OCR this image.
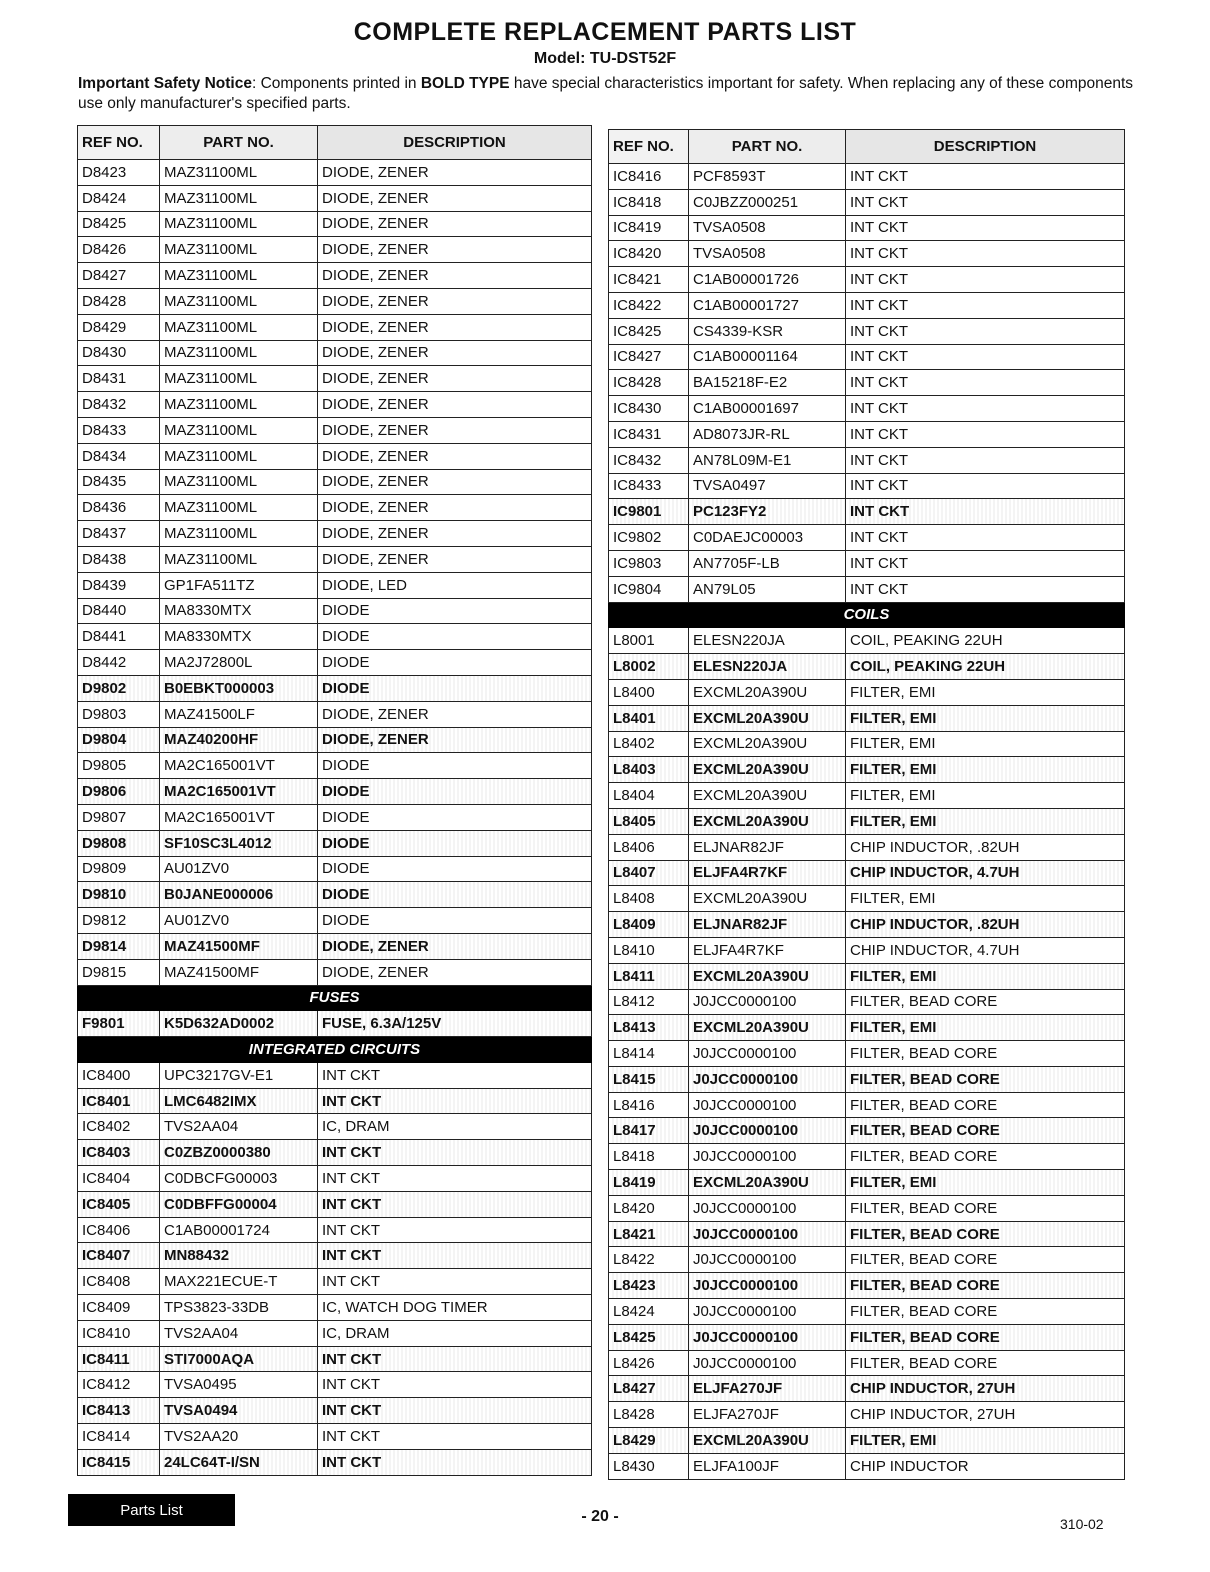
COMPLETE REPLACEMENT PARTS LIST
Model: TU-DST52F
Important Safety Notice: Components printed in BOLD TYPE have special characteristics important for safety. When replacing any of these components use only manufacturer's specified parts.
REF NO.	PART NO.	DESCRIPTION
D8423	MAZ31100ML	DIODE, ZENER
D8424	MAZ31100ML	DIODE, ZENER
D8425	MAZ31100ML	DIODE, ZENER
D8426	MAZ31100ML	DIODE, ZENER
D8427	MAZ31100ML	DIODE, ZENER
D8428	MAZ31100ML	DIODE, ZENER
D8429	MAZ31100ML	DIODE, ZENER
D8430	MAZ31100ML	DIODE, ZENER
D8431	MAZ31100ML	DIODE, ZENER
D8432	MAZ31100ML	DIODE, ZENER
D8433	MAZ31100ML	DIODE, ZENER
D8434	MAZ31100ML	DIODE, ZENER
D8435	MAZ31100ML	DIODE, ZENER
D8436	MAZ31100ML	DIODE, ZENER
D8437	MAZ31100ML	DIODE, ZENER
D8438	MAZ31100ML	DIODE, ZENER
D8439	GP1FA511TZ	DIODE, LED
D8440	MA8330MTX	DIODE
D8441	MA8330MTX	DIODE
D8442	MA2J72800L	DIODE
D9802	B0EBKT000003	DIODE
D9803	MAZ41500LF	DIODE, ZENER
D9804	MAZ40200HF	DIODE, ZENER
D9805	MA2C165001VT	DIODE
D9806	MA2C165001VT	DIODE
D9807	MA2C165001VT	DIODE
D9808	SF10SC3L4012	DIODE
D9809	AU01ZV0	DIODE
D9810	B0JANE000006	DIODE
D9812	AU01ZV0	DIODE
D9814	MAZ41500MF	DIODE, ZENER
D9815	MAZ41500MF	DIODE, ZENER
FUSES		
F9801	K5D632AD0002	FUSE, 6.3A/125V
INTEGRATED CIRCUITS		
IC8400	UPC3217GV-E1	INT CKT
IC8401	LMC6482IMX	INT CKT
IC8402	TVS2AA04	IC, DRAM
IC8403	C0ZBZ0000380	INT CKT
IC8404	C0DBCFG00003	INT CKT
IC8405	C0DBFFG00004	INT CKT
IC8406	C1AB00001724	INT CKT
IC8407	MN88432	INT CKT
IC8408	MAX221ECUE-T	INT CKT
IC8409	TPS3823-33DB	IC, WATCH DOG TIMER
IC8410	TVS2AA04	IC, DRAM
IC8411	STI7000AQA	INT CKT
IC8412	TVSA0495	INT CKT
IC8413	TVSA0494	INT CKT
IC8414	TVS2AA20	INT CKT
IC8415	24LC64T-I/SN	INT CKT
REF NO.	PART NO.	DESCRIPTION
IC8416	PCF8593T	INT CKT
IC8418	C0JBZZ000251	INT CKT
IC8419	TVSA0508	INT CKT
IC8420	TVSA0508	INT CKT
IC8421	C1AB00001726	INT CKT
IC8422	C1AB00001727	INT CKT
IC8425	CS4339-KSR	INT CKT
IC8427	C1AB00001164	INT CKT
IC8428	BA15218F-E2	INT CKT
IC8430	C1AB00001697	INT CKT
IC8431	AD8073JR-RL	INT CKT
IC8432	AN78L09M-E1	INT CKT
IC8433	TVSA0497	INT CKT
IC9801	PC123FY2	INT CKT
IC9802	C0DAEJC00003	INT CKT
IC9803	AN7705F-LB	INT CKT
IC9804	AN79L05	INT CKT
COILS		
L8001	ELESN220JA	COIL, PEAKING 22UH
L8002	ELESN220JA	COIL, PEAKING 22UH
L8400	EXCML20A390U	FILTER, EMI
L8401	EXCML20A390U	FILTER, EMI
L8402	EXCML20A390U	FILTER, EMI
L8403	EXCML20A390U	FILTER, EMI
L8404	EXCML20A390U	FILTER, EMI
L8405	EXCML20A390U	FILTER, EMI
L8406	ELJNAR82JF	CHIP INDUCTOR, .82UH
L8407	ELJFA4R7KF	CHIP INDUCTOR, 4.7UH
L8408	EXCML20A390U	FILTER, EMI
L8409	ELJNAR82JF	CHIP INDUCTOR, .82UH
L8410	ELJFA4R7KF	CHIP INDUCTOR, 4.7UH
L8411	EXCML20A390U	FILTER, EMI
L8412	J0JCC0000100	FILTER, BEAD CORE
L8413	EXCML20A390U	FILTER, EMI
L8414	J0JCC0000100	FILTER, BEAD CORE
L8415	J0JCC0000100	FILTER, BEAD CORE
L8416	J0JCC0000100	FILTER, BEAD CORE
L8417	J0JCC0000100	FILTER, BEAD CORE
L8418	J0JCC0000100	FILTER, BEAD CORE
L8419	EXCML20A390U	FILTER, EMI
L8420	J0JCC0000100	FILTER, BEAD CORE
L8421	J0JCC0000100	FILTER, BEAD CORE
L8422	J0JCC0000100	FILTER, BEAD CORE
L8423	J0JCC0000100	FILTER, BEAD CORE
L8424	J0JCC0000100	FILTER, BEAD CORE
L8425	J0JCC0000100	FILTER, BEAD CORE
L8426	J0JCC0000100	FILTER, BEAD CORE
L8427	ELJFA270JF	CHIP INDUCTOR, 27UH
L8428	ELJFA270JF	CHIP INDUCTOR, 27UH
L8429	EXCML20A390U	FILTER, EMI
L8430	ELJFA100JF	CHIP INDUCTOR
Parts List	- 20 -	310-02
